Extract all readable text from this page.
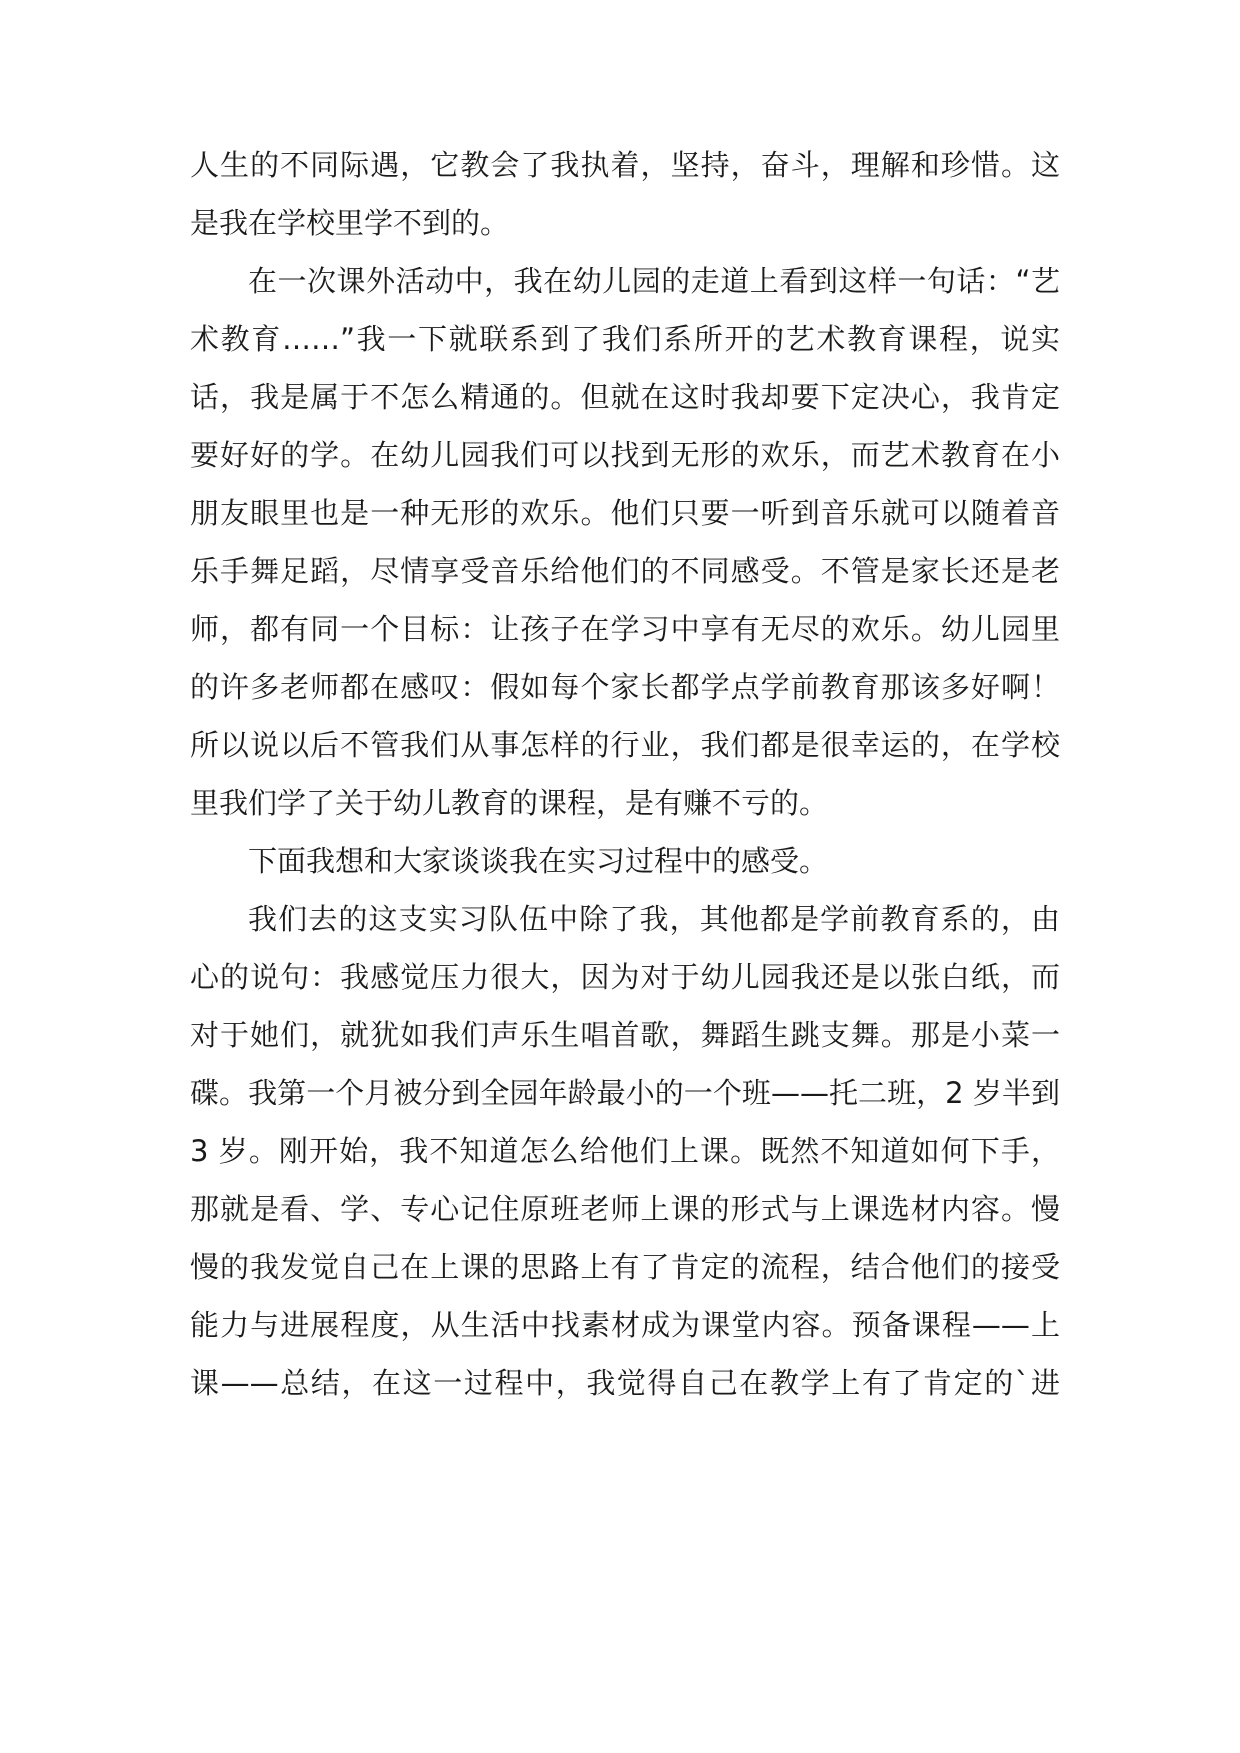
人生的不同际遇，它教会了我执着，坚持，奋斗，理解和珍惜。这
是我在学校里学不到的。
在一次课外活动中，我在幼儿园的走道上看到这样一句话：“艺
术教育……”我一下就联系到了我们系所开的艺术教育课程，说实
话，我是属于不怎么精通的。但就在这时我却要下定决心，我肯定
要好好的学。在幼儿园我们可以找到无形的欢乐，而艺术教育在小
朋友眼里也是一种无形的欢乐。他们只要一听到音乐就可以随着音
乐手舞足蹈，尽情享受音乐给他们的不同感受。不管是家长还是老
师，都有同一个目标：让孩子在学习中享有无尽的欢乐。幼儿园里
的许多老师都在感叹：假如每个家长都学点学前教育那该多好啊！
所以说以后不管我们从事怎样的行业，我们都是很幸运的，在学校
里我们学了关于幼儿教育的课程，是有赚不亏的。
下面我想和大家谈谈我在实习过程中的感受。
我们去的这支实习队伍中除了我，其他都是学前教育系的，由
心的说句：我感觉压力很大，因为对于幼儿园我还是以张白纸，而
对于她们，就犹如我们声乐生唱首歌，舞蹈生跳支舞。那是小菜一
碟。我第一个月被分到全园年龄最小的一个班——托二班，2 岁半到
3 岁。刚开始，我不知道怎么给他们上课。既然不知道如何下手，
那就是看、学、专心记住原班老师上课的形式与上课选材内容。慢
慢的我发觉自己在上课的思路上有了肯定的流程，结合他们的接受
能力与进展程度，从生活中找素材成为课堂内容。预备课程——上
课——总结，在这一过程中，我觉得自己在教学上有了肯定的`进
